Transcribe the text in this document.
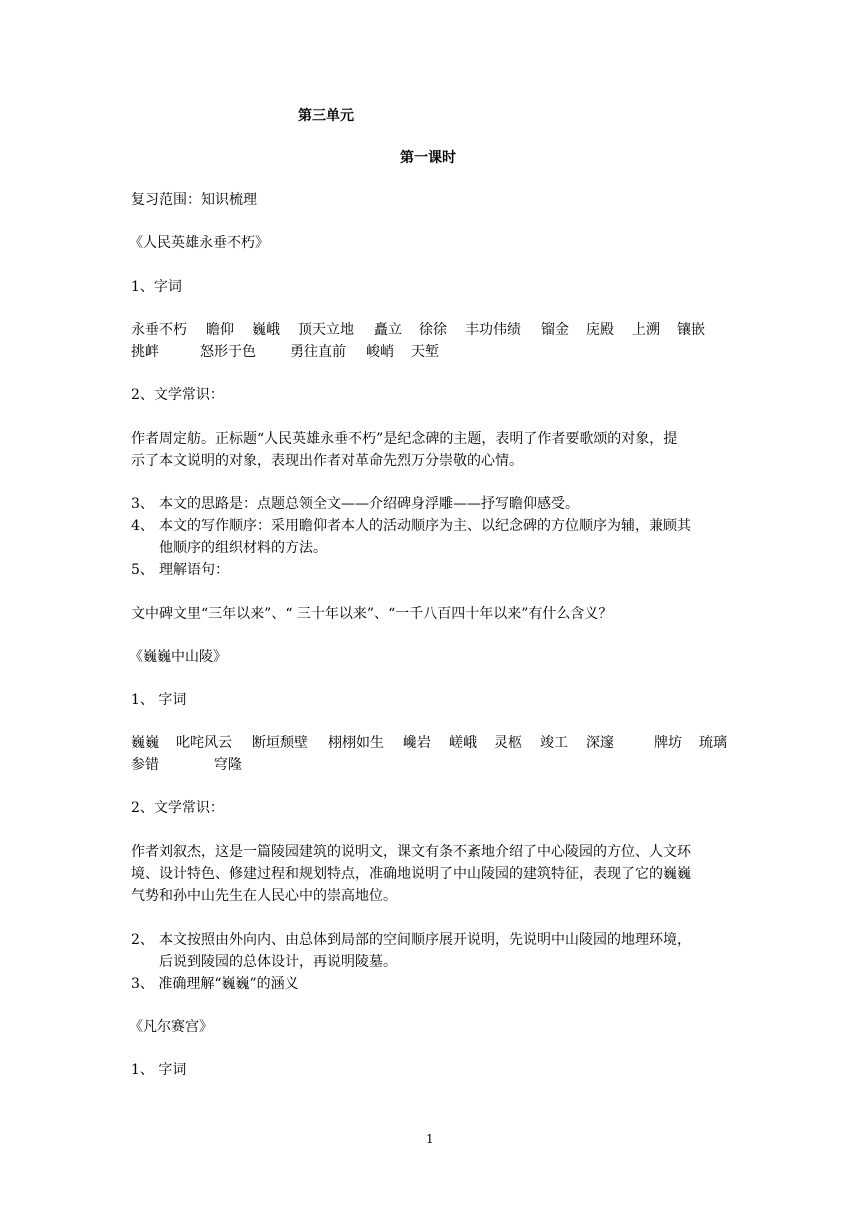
第三单元
第一课时
复习范围：知识梳理
《人民英雄永垂不朽》
1、字词
永垂不朽 瞻仰 巍峨 顶天立地 矗立 徐徐 丰功伟绩 镏金 庑殿 上溯 镶嵌
挑衅	怒形于色 勇往直前 峻峭 天堑
2、文学常识：
作者周定舫。正标题“人民英雄永垂不朽”是纪念碑的主题，表明了作者要歌颂的对象，提
示了本文说明的对象，表现出作者对革命先烈万分崇敬的心情。
3、 本文的思路是：点题总领全文——介绍碑身浮雕——抒写瞻仰感受。
4、 本文的写作顺序：采用瞻仰者本人的活动顺序为主、以纪念碑的方位顺序为辅，兼顾其
他顺序的组织材料的方法。
5、 理解语句：
文中碑文里“三年以来”、“ 三十年以来”、“一千八百四十年以来”有什么含义？
《巍巍中山陵》
1、 字词
巍巍 叱咤风云 断垣颓壁 栩栩如生 巉岩 嵯峨 灵柩 竣工 深邃	牌坊 琉璃
参错	穹隆
2、文学常识：
作者刘叙杰，这是一篇陵园建筑的说明文，课文有条不紊地介绍了中心陵园的方位、人文环
境、设计特色、修建过程和规划特点，准确地说明了中山陵园的建筑特征，表现了它的巍巍
气势和孙中山先生在人民心中的崇高地位。
2、 本文按照由外向内、由总体到局部的空间顺序展开说明，先说明中山陵园的地理环境，
后说到陵园的总体设计，再说明陵墓。
3、 准确理解“巍巍”的涵义
《凡尔赛宫》
1、 字词
1
